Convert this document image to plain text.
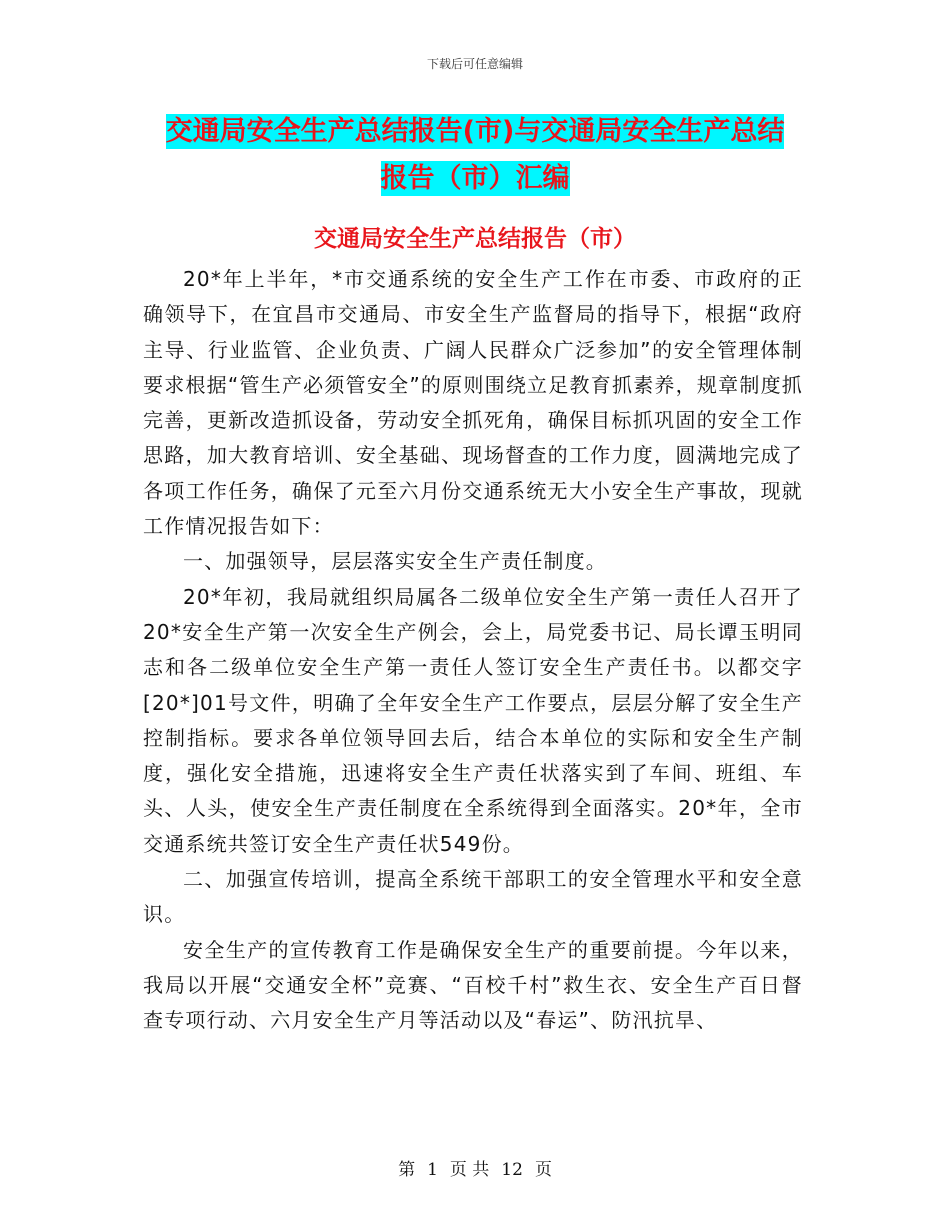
下载后可任意编辑
交通局安全生产总结报告(市)与交通局安全生产总结
报告（市）汇编
交通局安全生产总结报告（市）

20*年上半年，*市交通系统的安全生产工作在市委、市政府的正确领导下，在宜昌市交通局、市安全生产监督局的指导下，根据“政府主导、行业监管、企业负责、广阔人民群众广泛参加”的安全管理体制要求根据“管生产必须管安全”的原则围绕立足教育抓素养，规章制度抓完善，更新改造抓设备，劳动安全抓死角，确保目标抓巩固的安全工作思路，加大教育培训、安全基础、现场督查的工作力度，圆满地完成了各项工作任务，确保了元至六月份交通系统无大小安全生产事故，现就工作情况报告如下：

一、加强领导，层层落实安全生产责任制度。

20*年初，我局就组织局属各二级单位安全生产第一责任人召开了20*安全生产第一次安全生产例会，会上，局党委书记、局长谭玉明同志和各二级单位安全生产第一责任人签订安全生产责任书。以都交字[20*]01号文件，明确了全年安全生产工作要点，层层分解了安全生产控制指标。要求各单位领导回去后，结合本单位的实际和安全生产制度，强化安全措施，迅速将安全生产责任状落实到了车间、班组、车头、人头，使安全生产责任制度在全系统得到全面落实。20*年，全市交通系统共签订安全生产责任状549份。

二、加强宣传培训，提高全系统干部职工的安全管理水平和安全意识。

安全生产的宣传教育工作是确保安全生产的重要前提。今年以来，我局以开展“交通安全杯”竞赛、“百校千村”救生衣、安全生产百日督查专项行动、六月安全生产月等活动以及“春运”、防汛抗旱、

第 1 页 共 12 页
